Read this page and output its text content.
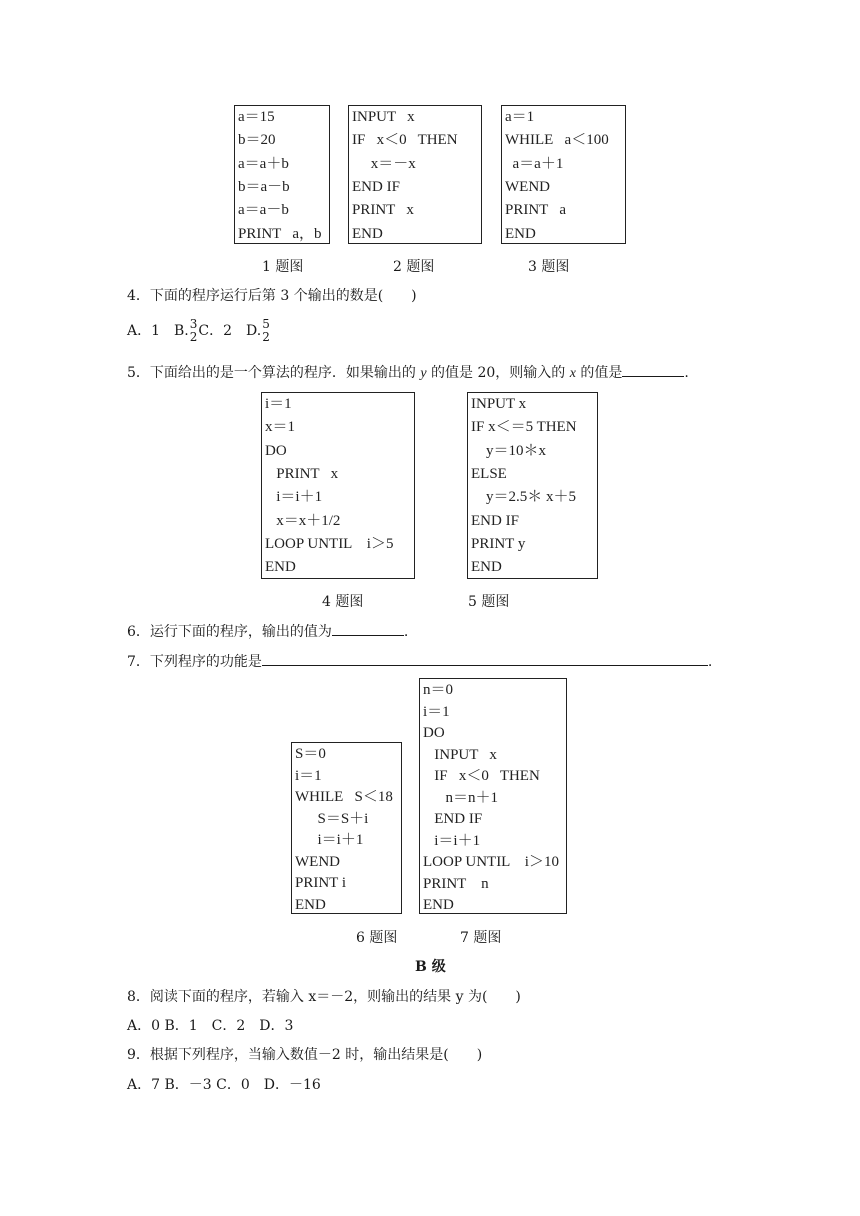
a＝15
b＝20
a＝a＋b
b＝a－b
a＝a－b
PRINT   a，b
INPUT   x
IF   x＜0   THEN
x＝－x
END IF
PRINT   x
END
a＝1
WHILE   a＜100
a＝a＋1
WEND
PRINT   a
END
1 题图	2 题图	3 题图
4．下面的程序运行后第 3 个输出的数是(　　)
A．1　B. 3
2 C．2　D. 5
2
5．下面给出的是一个算法的程序．如果输出的 y 的值是 20，则输入的 x 的值是	.
i＝1
x＝1
DO
PRINT   x
i＝i＋1
x＝x＋1/2
LOOP UNTIL    i＞5
END
INPUT x
IF x＜＝5 THEN
y＝10＊x
ELSE
y＝2.5＊ x＋5
END IF
PRINT y
END
4 题图	5 题图
6．运行下面的程序，输出的值为	.
7．下列程序的功能是	.
S＝0
i＝1
WHILE   S＜18
S＝S＋i
i＝i＋1
WEND
PRINT i
END
n＝0
i＝1
DO
INPUT   x
IF   x＜0   THEN
n＝n＋1
END IF
i＝i＋1
LOOP UNTIL    i＞10
PRINT    n
END
6 题图	7 题图
B 级
8．阅读下面的程序，若输入 x＝－2，则输出的结果 y 为(　　)
A．0 B．1　C．2　D．3
9．根据下列程序，当输入数值－2 时，输出结果是(　　)
A．7 B．－3 C．0　D．－16
